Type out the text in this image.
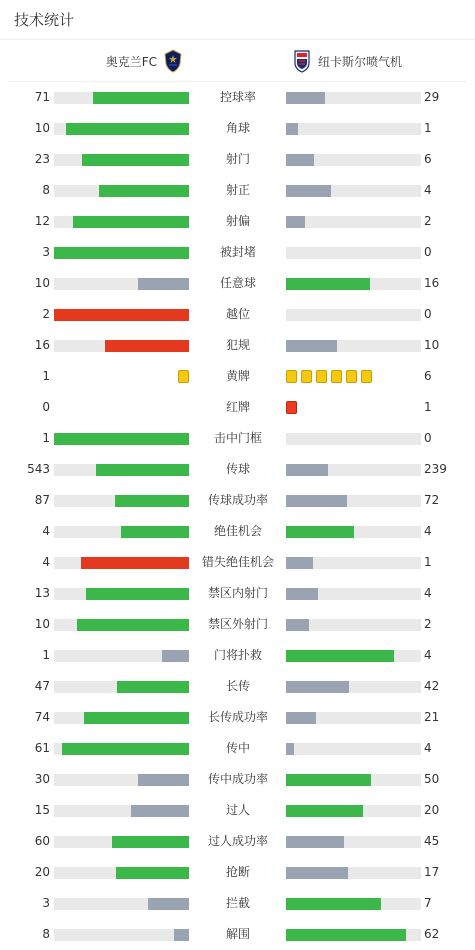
技术统计
奥克兰FC	纽卡斯尔喷气机
71	控球率	29
10	角球	1
23	射门	6
8	射正	4
12	射偏	2
3	被封堵	0
10	任意球	16
2	越位	0
16	犯规	10
1	黄牌	6
0	红牌	1
1	击中门框	0
543	传球	239
87	传球成功率	72
4	绝佳机会	4
4	错失绝佳机会	1
13	禁区内射门	4
10	禁区外射门	2
1	门将扑救	4
47	长传	42
74	长传成功率	21
61	传中	4
30	传中成功率	50
15	过人	20
60	过人成功率	45
20	抢断	17
3	拦截	7
8	解围	62
